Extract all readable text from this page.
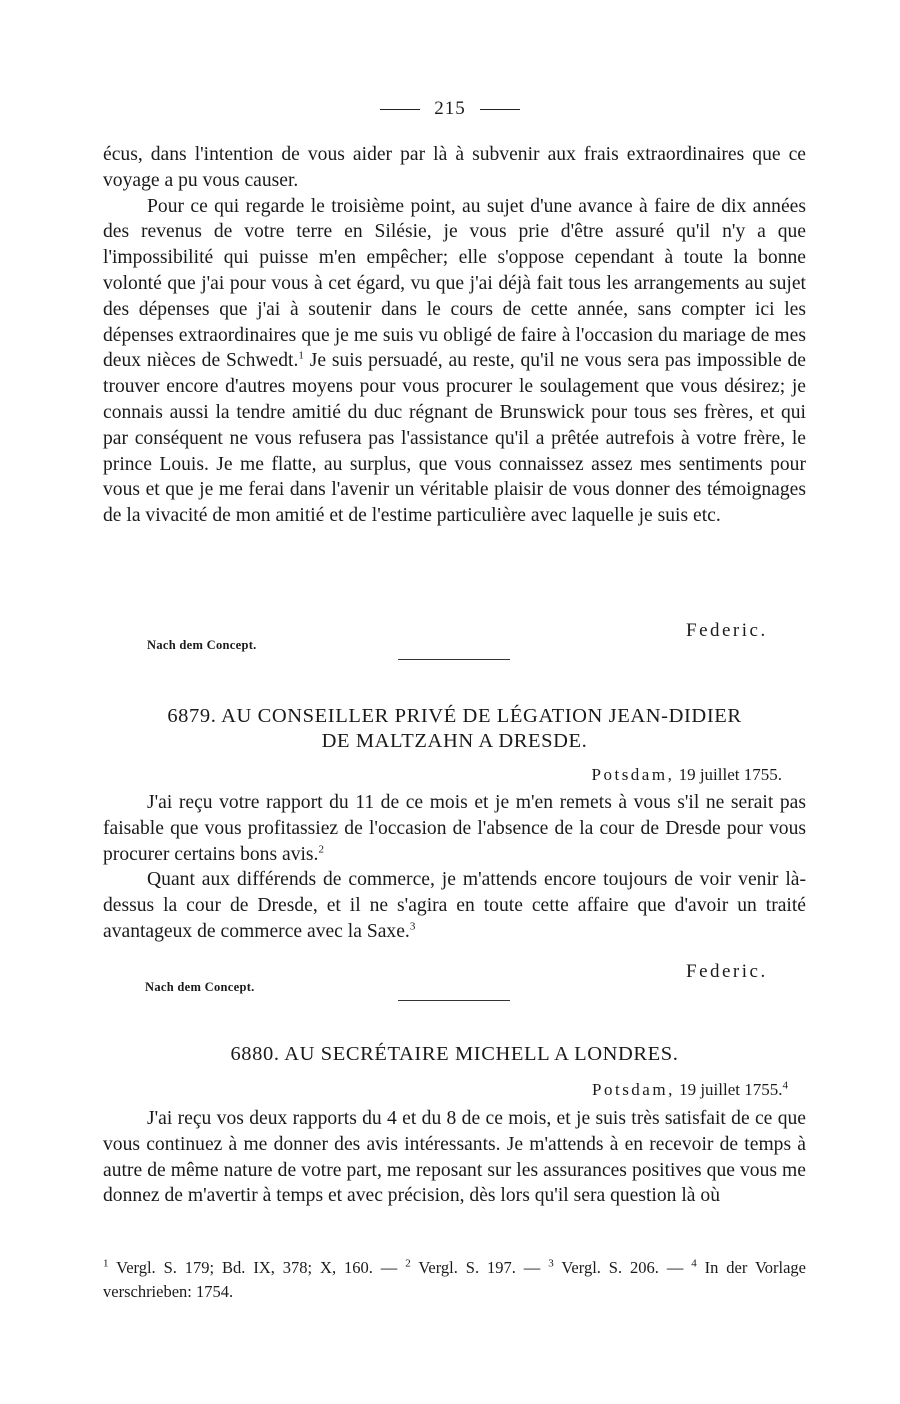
215

écus, dans l'intention de vous aider par là à subvenir aux frais extraordinaires que ce voyage a pu vous causer.

Pour ce qui regarde le troisième point, au sujet d'une avance à faire de dix années des revenus de votre terre en Silésie, je vous prie d'être assuré qu'il n'y a que l'impossibilité qui puisse m'en empêcher; elle s'oppose cependant à toute la bonne volonté que j'ai pour vous à cet égard, vu que j'ai déjà fait tous les arrangements au sujet des dépenses que j'ai à soutenir dans le cours de cette année, sans compter ici les dépenses extraordinaires que je me suis vu obligé de faire à l'occasion du mariage de mes deux nièces de Schwedt.$^1$ Je suis persuadé, au reste, qu'il ne vous sera pas impossible de trouver encore d'autres moyens pour vous procurer le soulagement que vous désirez; je connais aussi la tendre amitié du duc régnant de Brunswick pour tous ses frères, et qui par conséquent ne vous refusera pas l'assistance qu'il a prêtée autrefois à votre frère, le prince Louis. Je me flatte, au surplus, que vous connaissez assez mes sentiments pour vous et que je me ferai dans l'avenir un véritable plaisir de vous donner des témoignages de la vivacité de mon amitié et de l'estime particulière avec laquelle je suis etc.

Federic.
Nach dem Concept.
6879. AU CONSEILLER PRIVÉ DE LÉGATION JEAN-DIDIER
DE MALTZAHN A DRESDE.
Potsdam, 19 juillet 1755.

J'ai reçu votre rapport du 11 de ce mois et je m'en remets à vous s'il ne serait pas faisable que vous profitassiez de l'occasion de l'absence de la cour de Dresde pour vous procurer certains bons avis.$^2$

Quant aux différends de commerce, je m'attends encore toujours de voir venir là-dessus la cour de Dresde, et il ne s'agira en toute cette affaire que d'avoir un traité avantageux de commerce avec la Saxe.$^3$

Federic.
Nach dem Concept.
6880. AU SECRÉTAIRE MICHELL A LONDRES.
Potsdam, 19 juillet 1755.$^4$

J'ai reçu vos deux rapports du 4 et du 8 de ce mois, et je suis très satisfait de ce que vous continuez à me donner des avis intéressants. Je m'attends à en recevoir de temps à autre de même nature de votre part, me reposant sur les assurances positives que vous me donnez de m'avertir à temps et avec précision, dès lors qu'il sera question là où

$^1$ Vergl. S. 179; Bd. IX, 378; X, 160. — $^2$ Vergl. S. 197. — $^3$ Vergl. S. 206. — $^4$ In der Vorlage verschrieben: 1754.
